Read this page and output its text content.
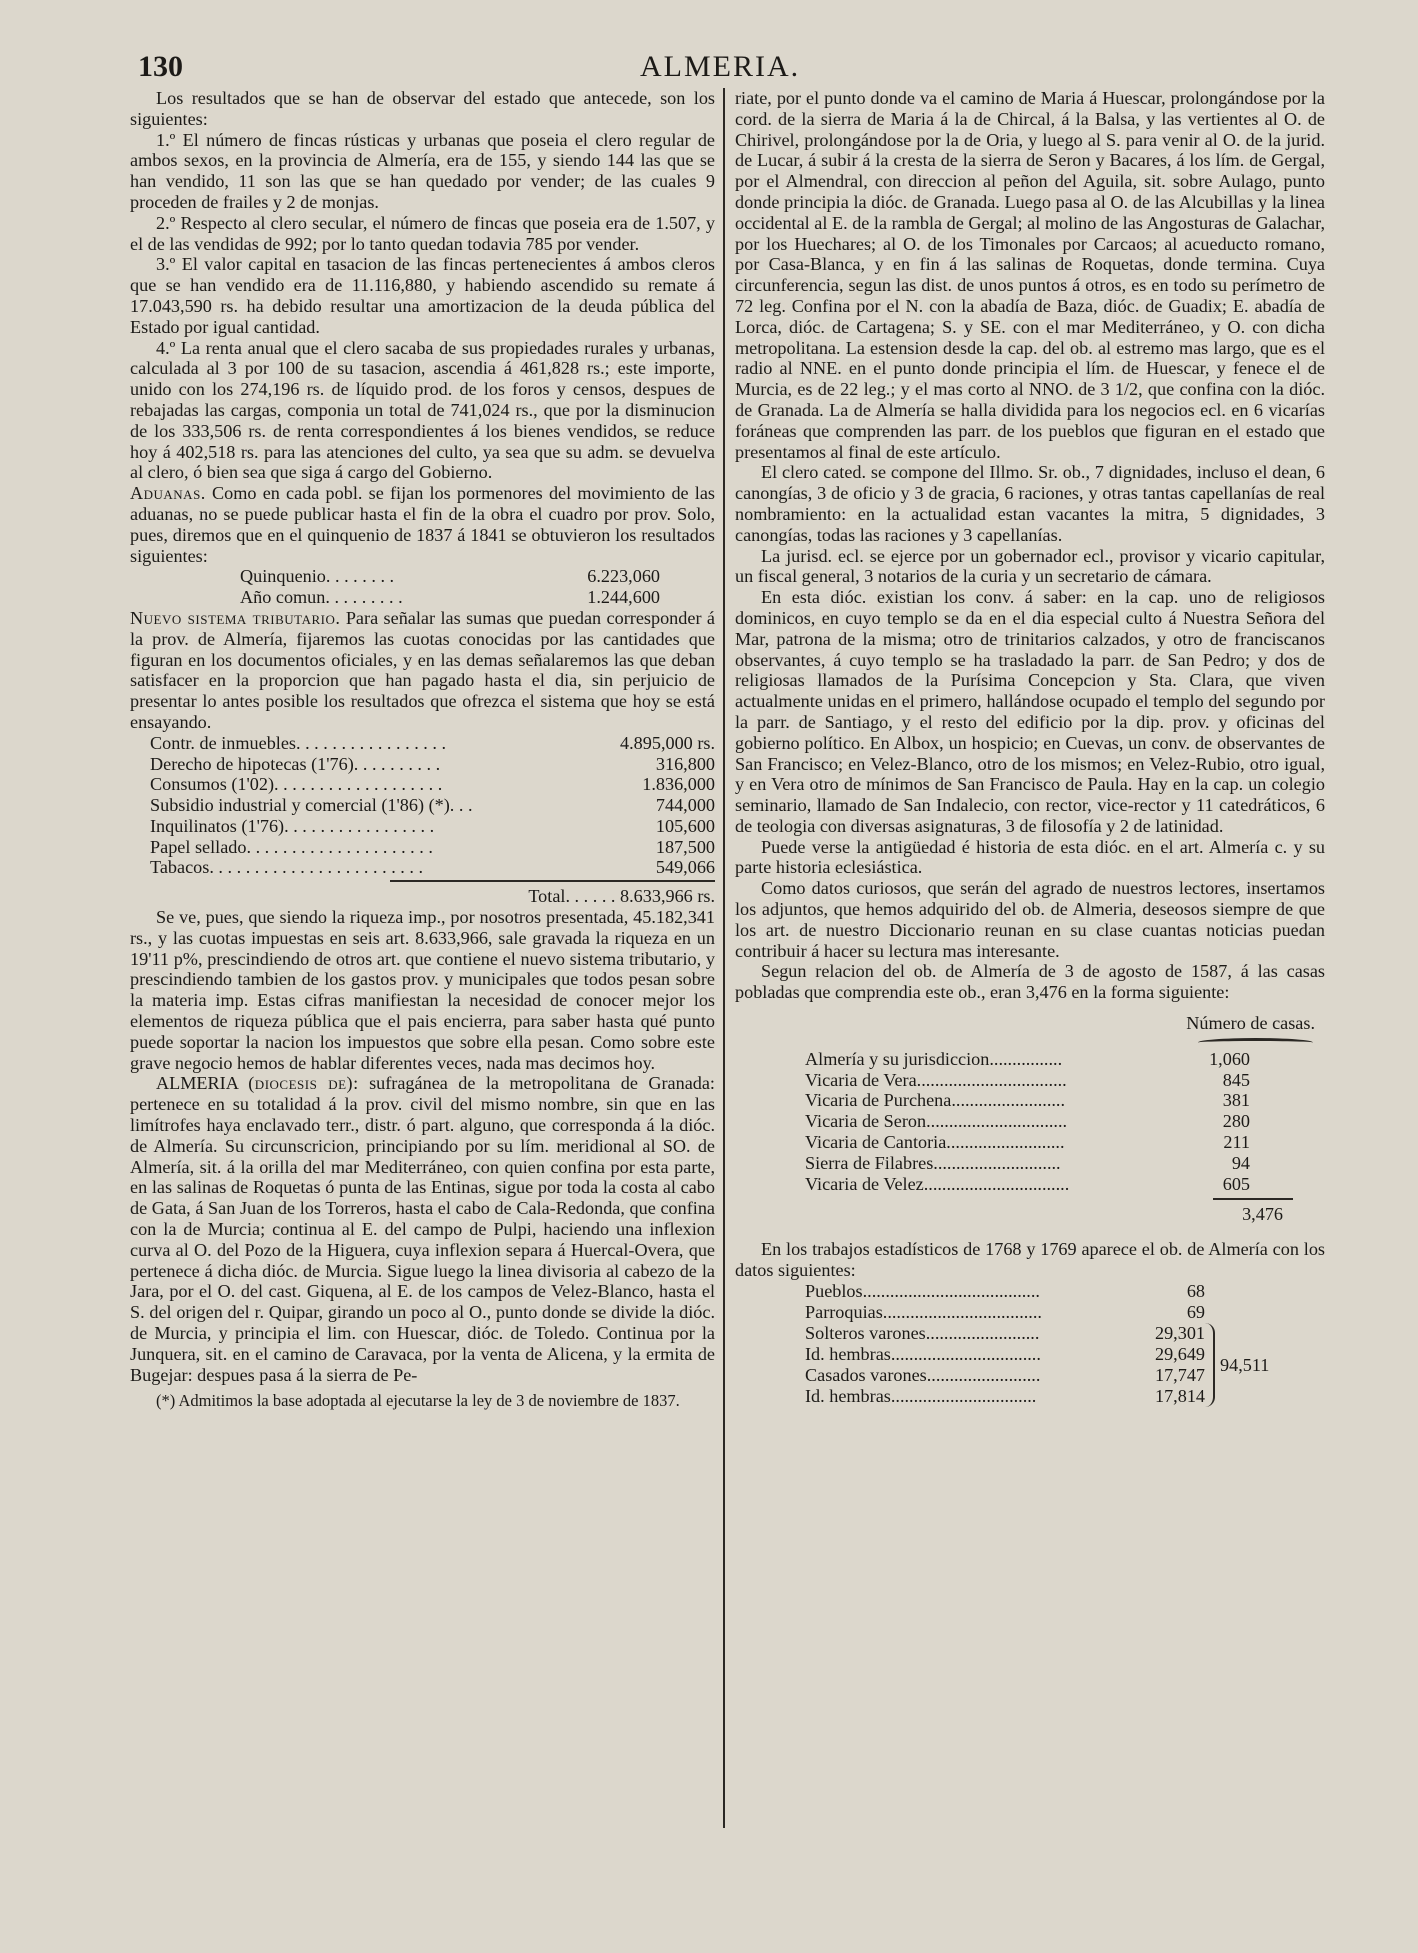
130	ALMERIA.

Los resultados que se han de observar del estado que antecede, son los siguientes:

1.º El número de fincas rústicas y urbanas que poseia el clero regular de ambos sexos, en la provincia de Almería, era de 155, y siendo 144 las que se han vendido, 11 son las que se han quedado por vender; de las cuales 9 proceden de frailes y 2 de monjas.

2.º Respecto al clero secular, el número de fincas que poseia era de 1.507, y el de las vendidas de 992; por lo tanto quedan todavia 785 por vender.

3.º El valor capital en tasacion de las fincas pertenecientes á ambos cleros que se han vendido era de 11.116,880, y habiendo ascendido su remate á 17.043,590 rs. ha debido resultar una amortizacion de la deuda pública del Estado por igual cantidad.

4.º La renta anual que el clero sacaba de sus propiedades rurales y urbanas, calculada al 3 por 100 de su tasacion, ascendia á 461,828 rs.; este importe, unido con los 274,196 rs. de líquido prod. de los foros y censos, despues de rebajadas las cargas, componia un total de 741,024 rs., que por la disminucion de los 333,506 rs. de renta correspondientes á los bienes vendidos, se reduce hoy á 402,518 rs. para las atenciones del culto, ya sea que su adm. se devuelva al clero, ó bien sea que siga á cargo del Gobierno.

Aduanas. Como en cada pobl. se fijan los pormenores del movimiento de las aduanas, no se puede publicar hasta el fin de la obra el cuadro por prov. Solo, pues, diremos que en el quinquenio de 1837 á 1841 se obtuvieron los resultados siguientes:

Quinquenio. . . . . . . .	6.223,060
Año comun. . . . . . . . .	1.244,600

Nuevo sistema tributario. Para señalar las sumas que puedan corresponder á la prov. de Almería, fijaremos las cuotas conocidas por las cantidades que figuran en los documentos oficiales, y en las demas señalaremos las que deban satisfacer en la proporcion que han pagado hasta el dia, sin perjuicio de presentar lo antes posible los resultados que ofrezca el sistema que hoy se está ensayando.

Contr. de inmuebles. . . . . . . . . . . . . . . . .	4.895,000 rs.
Derecho de hipotecas (1'76). . . . . . . . . .	316,800
Consumos (1'02). . . . . . . . . . . . . . . . . . .	1.836,000
Subsidio industrial y comercial (1'86) (*). . .	744,000
Inquilinatos (1'76). . . . . . . . . . . . . . . . .	105,600
Papel sellado. . . . . . . . . . . . . . . . . . . . .	187,500
Tabacos. . . . . . . . . . . . . . . . . . . . . . . .	549,066

Total. . . . . . 8.633,966 rs.

Se ve, pues, que siendo la riqueza imp., por nosotros presentada, 45.182,341 rs., y las cuotas impuestas en seis art. 8.633,966, sale gravada la riqueza en un 19'11 p%, prescindiendo de otros art. que contiene el nuevo sistema tributario, y prescindiendo tambien de los gastos prov. y municipales que todos pesan sobre la materia imp. Estas cifras manifiestan la necesidad de conocer mejor los elementos de riqueza pública que el pais encierra, para saber hasta qué punto puede soportar la nacion los impuestos que sobre ella pesan. Como sobre este grave negocio hemos de hablar diferentes veces, nada mas decimos hoy.

ALMERIA (diocesis de): sufragánea de la metropolitana de Granada: pertenece en su totalidad á la prov. civil del mismo nombre, sin que en las limítrofes haya enclavado terr., distr. ó part. alguno, que corresponda á la dióc. de Almería. Su circunscricion, principiando por su lím. meridional al SO. de Almería, sit. á la orilla del mar Mediterráneo, con quien confina por esta parte, en las salinas de Roquetas ó punta de las Entinas, sigue por toda la costa al cabo de Gata, á San Juan de los Torreros, hasta el cabo de Cala-Redonda, que confina con la de Murcia; continua al E. del campo de Pulpi, haciendo una inflexion curva al O. del Pozo de la Higuera, cuya inflexion separa á Huercal-Overa, que pertenece á dicha dióc. de Murcia. Sigue luego la linea divisoria al cabezo de la Jara, por el O. del cast. Giquena, al E. de los campos de Velez-Blanco, hasta el S. del origen del r. Quipar, girando un poco al O., punto donde se divide la dióc. de Murcia, y principia el lim. con Huescar, dióc. de Toledo. Continua por la Junquera, sit. en el camino de Caravaca, por la venta de Alicena, y la ermita de Bugejar: despues pasa á la sierra de Pe-

(*) Admitimos la base adoptada al ejecutarse la ley de 3 de noviembre de 1837.

riate, por el punto donde va el camino de Maria á Huescar, prolongándose por la cord. de la sierra de Maria á la de Chircal, á la Balsa, y las vertientes al O. de Chirivel, prolongándose por la de Oria, y luego al S. para venir al O. de la jurid. de Lucar, á subir á la cresta de la sierra de Seron y Bacares, á los lím. de Gergal, por el Almendral, con direccion al peñon del Aguila, sit. sobre Aulago, punto donde principia la dióc. de Granada. Luego pasa al O. de las Alcubillas y la linea occidental al E. de la rambla de Gergal; al molino de las Angosturas de Galachar, por los Huechares; al O. de los Timonales por Carcaos; al acueducto romano, por Casa-Blanca, y en fin á las salinas de Roquetas, donde termina. Cuya circunferencia, segun las dist. de unos puntos á otros, es en todo su perímetro de 72 leg. Confina por el N. con la abadía de Baza, dióc. de Guadix; E. abadía de Lorca, dióc. de Cartagena; S. y SE. con el mar Mediterráneo, y O. con dicha metropolitana. La estension desde la cap. del ob. al estremo mas largo, que es el radio al NNE. en el punto donde principia el lím. de Huescar, y fenece el de Murcia, es de 22 leg.; y el mas corto al NNO. de 3 1/2, que confina con la dióc. de Granada. La de Almería se halla dividida para los negocios ecl. en 6 vicarías foráneas que comprenden las parr. de los pueblos que figuran en el estado que presentamos al final de este artículo.

El clero cated. se compone del Illmo. Sr. ob., 7 dignidades, incluso el dean, 6 canongías, 3 de oficio y 3 de gracia, 6 raciones, y otras tantas capellanías de real nombramiento: en la actualidad estan vacantes la mitra, 5 dignidades, 3 canongías, todas las raciones y 3 capellanías.

La jurisd. ecl. se ejerce por un gobernador ecl., provisor y vicario capitular, un fiscal general, 3 notarios de la curia y un secretario de cámara.

En esta dióc. existian los conv. á saber: en la cap. uno de religiosos dominicos, en cuyo templo se da en el dia especial culto á Nuestra Señora del Mar, patrona de la misma; otro de trinitarios calzados, y otro de franciscanos observantes, á cuyo templo se ha trasladado la parr. de San Pedro; y dos de religiosas llamados de la Purísima Concepcion y Sta. Clara, que viven actualmente unidas en el primero, hallándose ocupado el templo del segundo por la parr. de Santiago, y el resto del edificio por la dip. prov. y oficinas del gobierno político. En Albox, un hospicio; en Cuevas, un conv. de observantes de San Francisco; en Velez-Blanco, otro de los mismos; en Velez-Rubio, otro igual, y en Vera otro de mínimos de San Francisco de Paula. Hay en la cap. un colegio seminario, llamado de San Indalecio, con rector, vice-rector y 11 catedráticos, 6 de teologia con diversas asignaturas, 3 de filosofía y 2 de latinidad.

Puede verse la antigüedad é historia de esta dióc. en el art. Almería c. y su parte historia eclesiástica.

Como datos curiosos, que serán del agrado de nuestros lectores, insertamos los adjuntos, que hemos adquirido del ob. de Almeria, deseosos siempre de que los art. de nuestro Diccionario reunan en su clase cuantas noticias puedan contribuir á hacer su lectura mas interesante.

Segun relacion del ob. de Almería de 3 de agosto de 1587, á las casas pobladas que comprendia este ob., eran 3,476 en la forma siguiente:

Número de casas.

Almería y su jurisdiccion................	1,060
Vicaria de Vera.................................	845
Vicaria de Purchena.........................	381
Vicaria de Seron...............................	280
Vicaria de Cantoria..........................	211
Sierra de Filabres............................	94
Vicaria de Velez................................	605

3,476

En los trabajos estadísticos de 1768 y 1769 aparece el ob. de Almería con los datos siguientes:

Pueblos.......................................	68
Parroquias...................................	69
Solteros varones.........................	29,301
Id. hembras.................................	29,649
Casados varones.........................	17,747
Id. hembras................................	17,814
94,511
